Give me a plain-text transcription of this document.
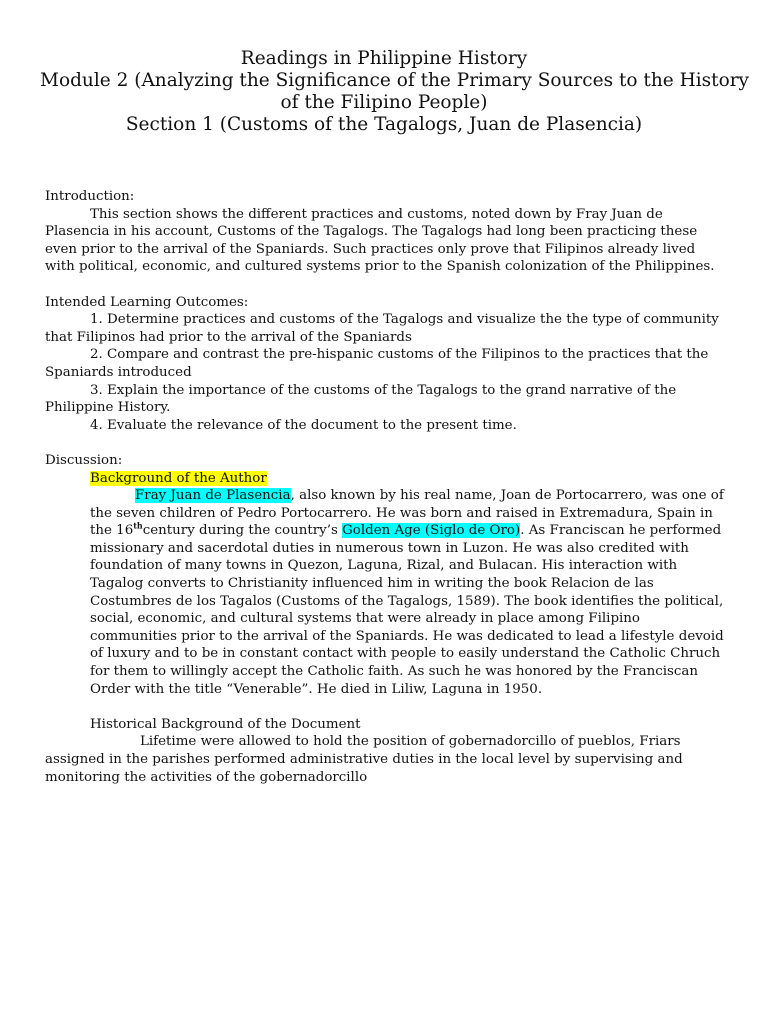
Readings in Philippine History
Module 2 (Analyzing the Significance of the Primary Sources to the History
of the Filipino People)
Section 1 (Customs of the Tagalogs, Juan de Plasencia)

Introduction:

This section shows the different practices and customs, noted down by Fray Juan de Plasencia in his account, Customs of the Tagalogs. The Tagalogs had long been practicing these even prior to the arrival of the Spaniards. Such practices only prove that Filipinos already lived with political, economic, and cultured systems prior to the Spanish colonization of the Philippines.

Intended Learning Outcomes:

1. Determine practices and customs of the Tagalogs and visualize the the type of community that Filipinos had prior to the arrival of the Spaniards

2. Compare and contrast the pre-hispanic customs of the Filipinos to the practices that the Spaniards introduced

3. Explain the importance of the customs of the Tagalogs to the grand narrative of the Philippine History.

4. Evaluate the relevance of the document to the present time.

Discussion:

Background of the Author

Fray Juan de Plasencia, also known by his real name, Joan de Portocarrero, was one of the seven children of Pedro Portocarrero. He was born and raised in Extremadura, Spain in the 16thcentury during the country’s Golden Age (Siglo de Oro). As Franciscan he performed missionary and sacerdotal duties in numerous town in Luzon. He was also credited with foundation of many towns in Quezon, Laguna, Rizal, and Bulacan. His interaction with Tagalog converts to Christianity influenced him in writing the book Relacion de las Costumbres de los Tagalos (Customs of the Tagalogs, 1589). The book identifies the political, social, economic, and cultural systems that were already in place among Filipino communities prior to the arrival of the Spaniards. He was dedicated to lead a lifestyle devoid of luxury and to be in constant contact with people to easily understand the Catholic Chruch for them to willingly accept the Catholic faith. As such he was honored by the Franciscan Order with the title “Venerable”. He died in Liliw, Laguna in 1950.

Historical Background of the Document

Lifetime were allowed to hold the position of gobernadorcillo of pueblos, Friars assigned in the parishes performed administrative duties in the local level by supervising and monitoring the activities of the gobernadorcillo
